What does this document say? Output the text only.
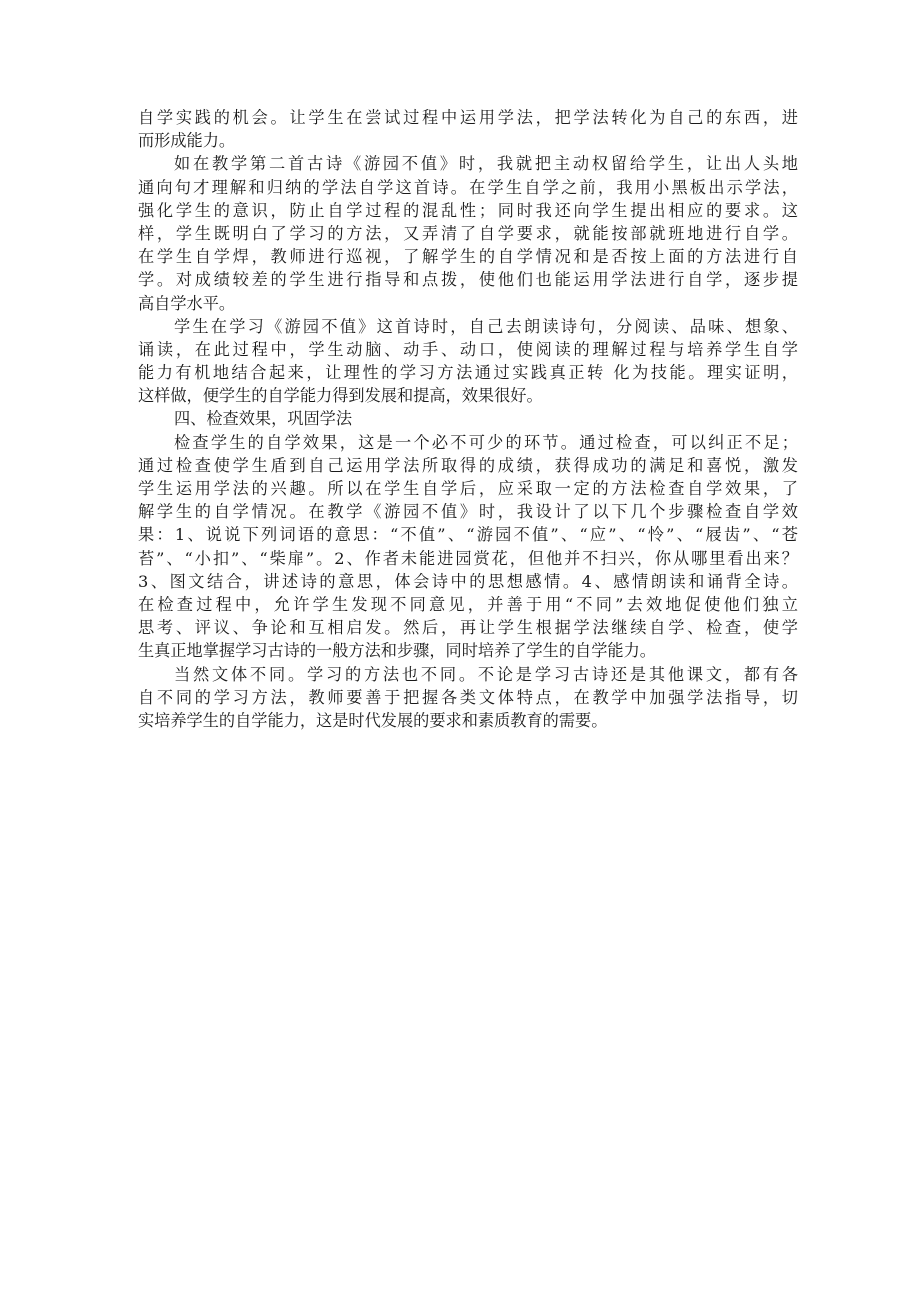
自学实践的机会。让学生在尝试过程中运用学法，把学法转化为自己的东西，进
而形成能力。
如在教学第二首古诗《游园不值》时，我就把主动权留给学生，让出人头地
通向句才理解和归纳的学法自学这首诗。在学生自学之前，我用小黑板出示学法，
强化学生的意识，防止自学过程的混乱性；同时我还向学生提出相应的要求。这
样，学生既明白了学习的方法，又弄清了自学要求，就能按部就班地进行自学。
在学生自学焊，教师进行巡视，了解学生的自学情况和是否按上面的方法进行自
学。对成绩较差的学生进行指导和点拨，使他们也能运用学法进行自学，逐步提
高自学水平。
学生在学习《游园不值》这首诗时，自己去朗读诗句，分阅读、品味、想象、
诵读，在此过程中，学生动脑、动手、动口，使阅读的理解过程与培养学生自学
能力有机地结合起来，让理性的学习方法通过实践真正转 化为技能。理实证明，
这样做，便学生的自学能力得到发展和提高，效果很好。
四、检查效果，巩固学法
检查学生的自学效果，这是一个必不可少的环节。通过检查，可以纠正不足；
通过检查使学生盾到自己运用学法所取得的成绩，获得成功的满足和喜悦，激发
学生运用学法的兴趣。所以在学生自学后，应采取一定的方法检查自学效果，了
解学生的自学情况。在教学《游园不值》时，我设计了以下几个步骤检查自学效
果：1、说说下列词语的意思：“不值”、“游园不值”、“应”、“怜”、“屐齿”、“苍
苔”、“小扣”、“柴扉”。2、作者未能进园赏花，但他并不扫兴，你从哪里看出来？
3、图文结合，讲述诗的意思，体会诗中的思想感情。4、感情朗读和诵背全诗。
在检查过程中，允许学生发现不同意见，并善于用“不同”去效地促使他们独立
思考、评议、争论和互相启发。然后，再让学生根据学法继续自学、检查，使学
生真正地掌握学习古诗的一般方法和步骤，同时培养了学生的自学能力。
当然文体不同。学习的方法也不同。不论是学习古诗还是其他课文，都有各
自不同的学习方法，教师要善于把握各类文体特点，在教学中加强学法指导，切
实培养学生的自学能力，这是时代发展的要求和素质教育的需要。
